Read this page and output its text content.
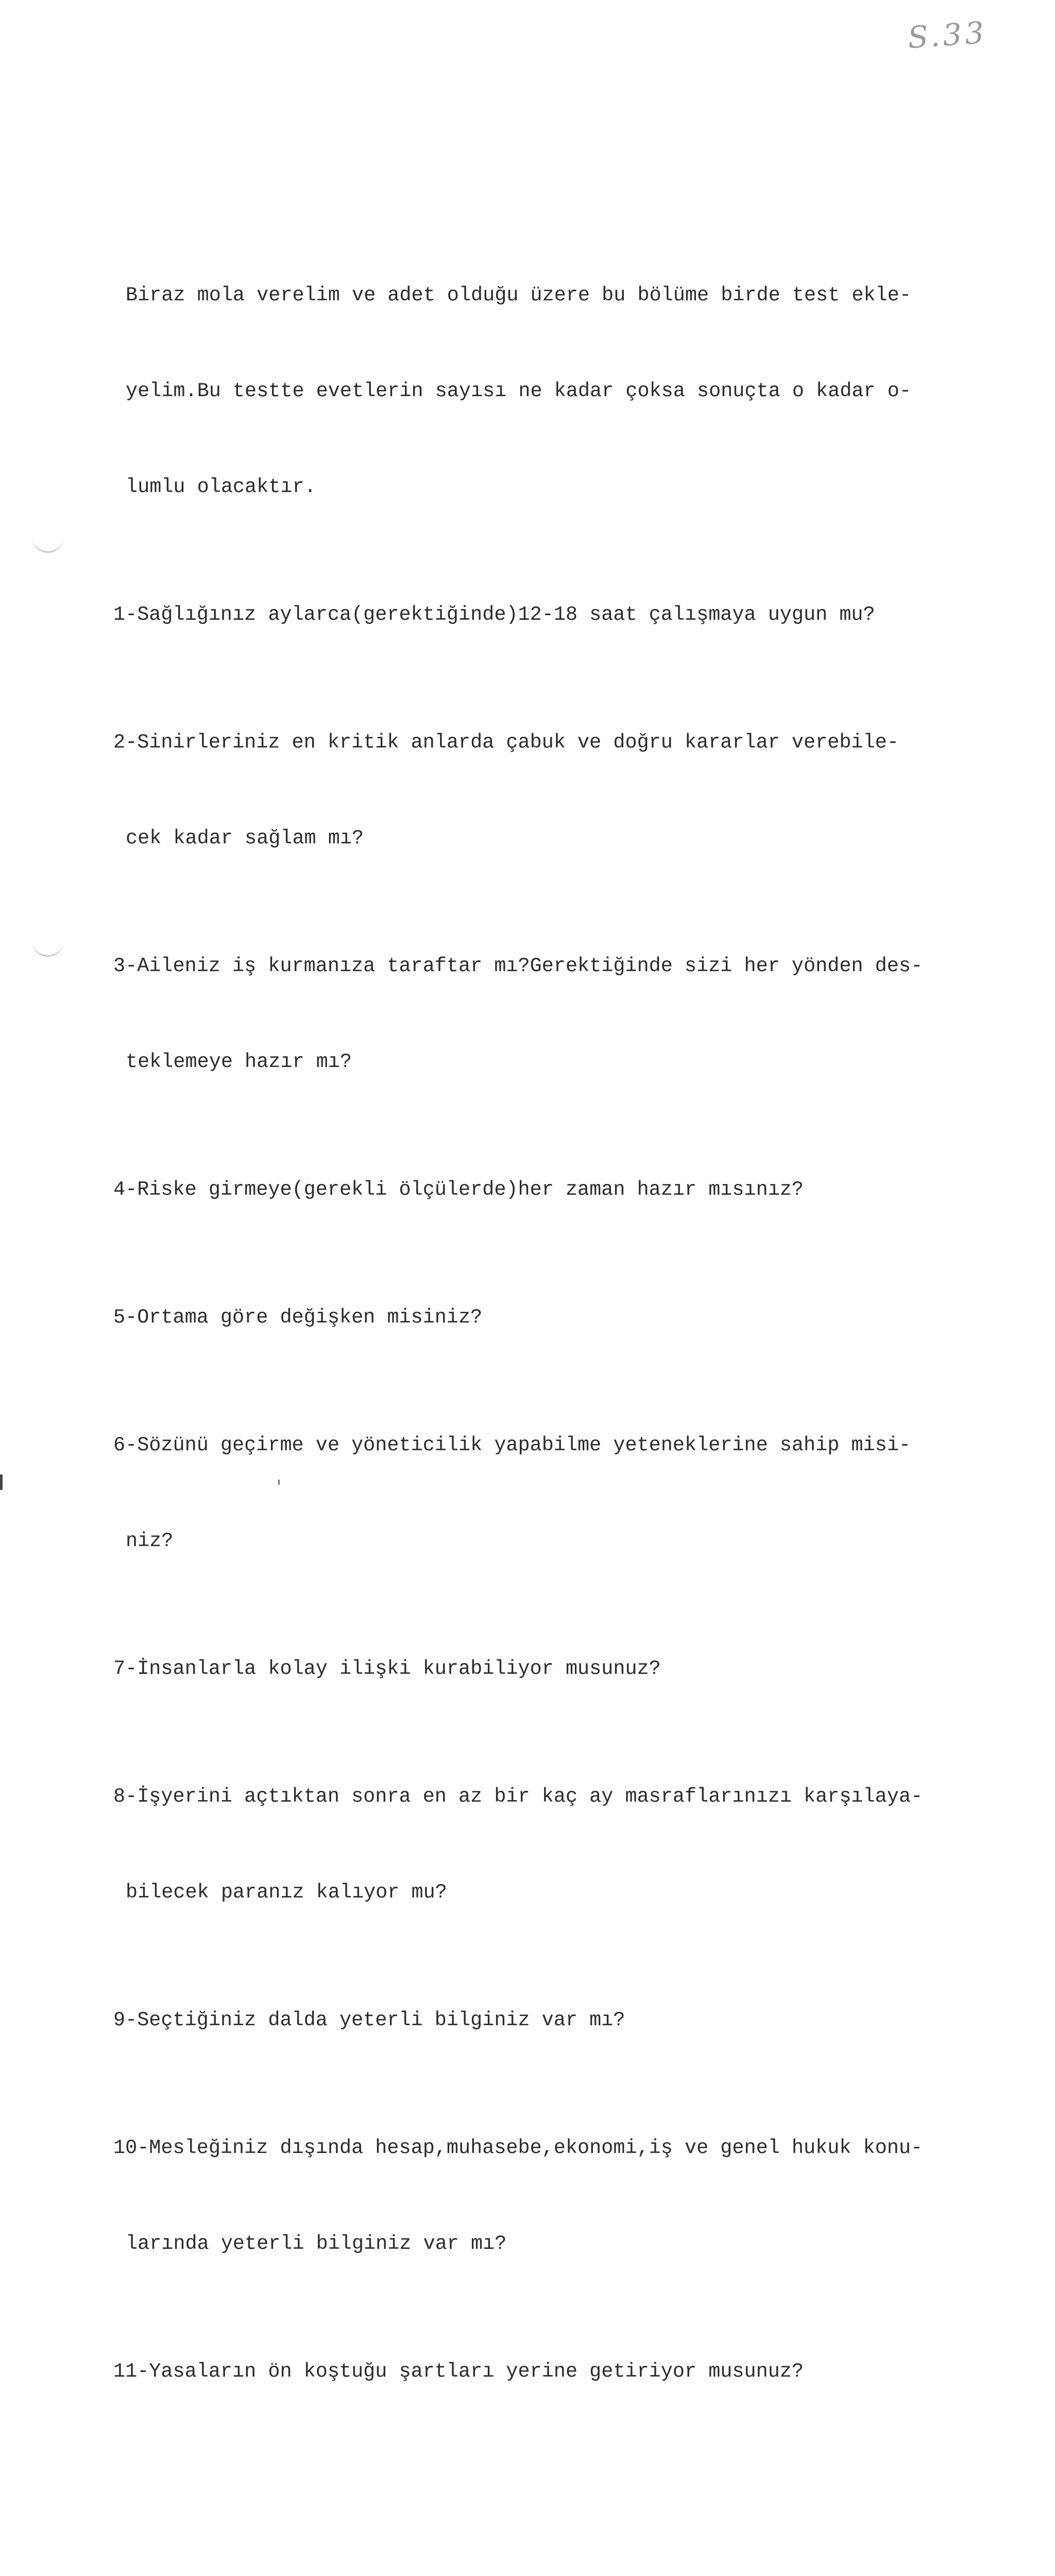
S.33

Biraz mola verelim ve adet olduğu üzere bu bölüme birde test ekle-

yelim.Bu testte evetlerin sayısı ne kadar çoksa sonuçta o kadar o-

lumlu olacaktır.

1-Sağlığınız aylarca(gerektiğinde)12-18 saat çalışmaya uygun mu?

2-Sinirleriniz en kritik anlarda çabuk ve doğru kararlar verebile-

cek kadar sağlam mı?

3-Aileniz iş kurmanıza taraftar mı?Gerektiğinde sizi her yönden des-

teklemeye hazır mı?

4-Riske girmeye(gerekli ölçülerde)her zaman hazır mısınız?

5-Ortama göre değişken misiniz?

6-Sözünü geçirme ve yöneticilik yapabilme yeteneklerine sahip misi-

niz?

7-İnsanlarla kolay ilişki kurabiliyor musunuz?

8-İşyerini açtıktan sonra en az bir kaç ay masraflarınızı karşılaya-

bilecek paranız kalıyor mu?

9-Seçtiğiniz dalda yeterli bilginiz var mı?

10-Mesleğiniz dışında hesap,muhasebe,ekonomi,iş ve genel hukuk konu-

larında yeterli bilginiz var mı?

11-Yasaların ön koştuğu şartları yerine getiriyor musunuz?
